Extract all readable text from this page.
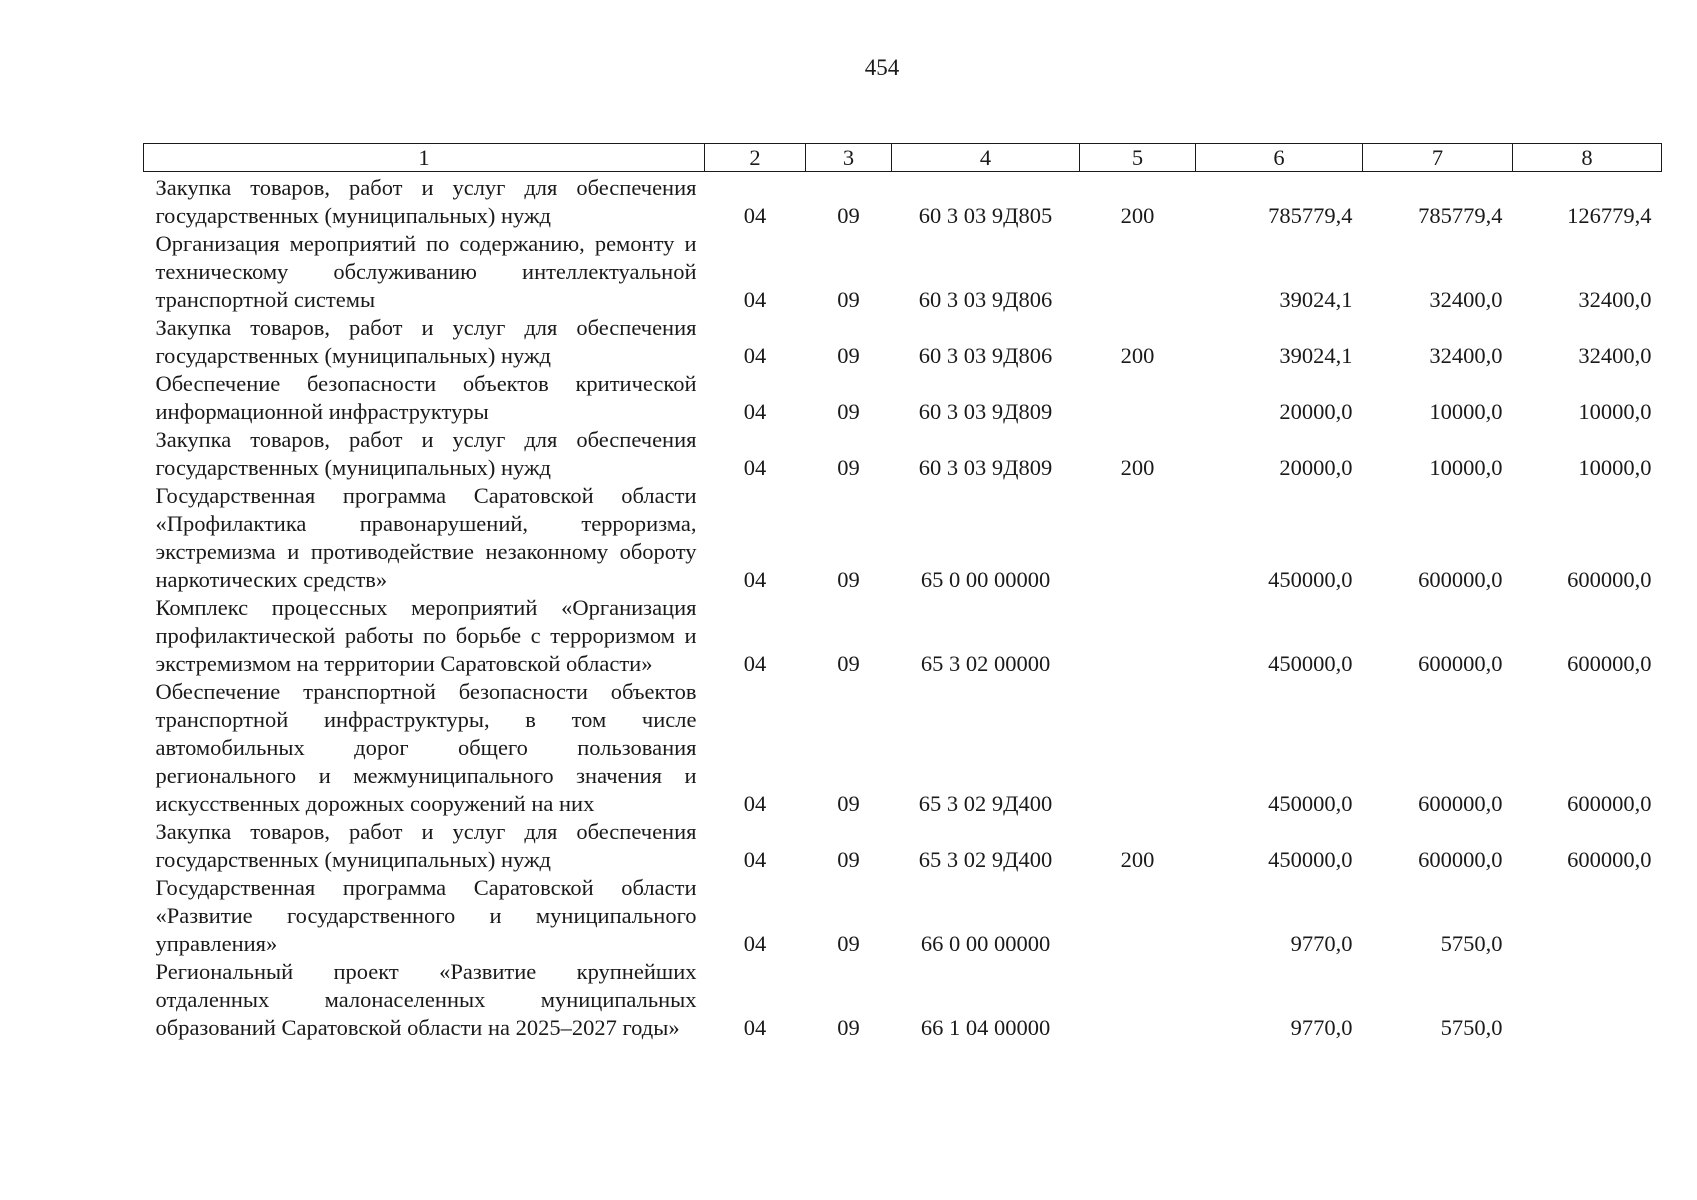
454
1	2	3	4	5	6	7	8
Закупка товаров, работ и услуг для обеспечения государственных (муниципальных) нужд	04	09	60 3 03 9Д805	200	785779,4	785779,4	126779,4
Организация мероприятий по содержанию, ремонту и техническому обслуживанию интеллектуальной транспортной системы	04	09	60 3 03 9Д806		39024,1	32400,0	32400,0
Закупка товаров, работ и услуг для обеспечения государственных (муниципальных) нужд	04	09	60 3 03 9Д806	200	39024,1	32400,0	32400,0
Обеспечение безопасности объектов критической информационной инфраструктуры	04	09	60 3 03 9Д809		20000,0	10000,0	10000,0
Закупка товаров, работ и услуг для обеспечения государственных (муниципальных) нужд	04	09	60 3 03 9Д809	200	20000,0	10000,0	10000,0
Государственная программа Саратовской области «Профилактика правонарушений, терроризма, экстремизма и противодействие незаконному обороту наркотических средств»	04	09	65 0 00 00000		450000,0	600000,0	600000,0
Комплекс процессных мероприятий «Организация профилактической работы по борьбе с терроризмом и экстремизмом на территории Саратовской области»	04	09	65 3 02 00000		450000,0	600000,0	600000,0
Обеспечение транспортной безопасности объектов транспортной инфраструктуры, в том числе автомобильных дорог общего пользования регионального и межмуниципального значения и искусственных дорожных сооружений на них	04	09	65 3 02 9Д400		450000,0	600000,0	600000,0
Закупка товаров, работ и услуг для обеспечения государственных (муниципальных) нужд	04	09	65 3 02 9Д400	200	450000,0	600000,0	600000,0
Государственная программа Саратовской области «Развитие государственного и муниципального управления»	04	09	66 0 00 00000		9770,0	5750,0	
Региональный проект «Развитие крупнейших отдаленных малонаселенных муниципальных образований Саратовской области на 2025–2027 годы»	04	09	66 1 04 00000		9770,0	5750,0	
